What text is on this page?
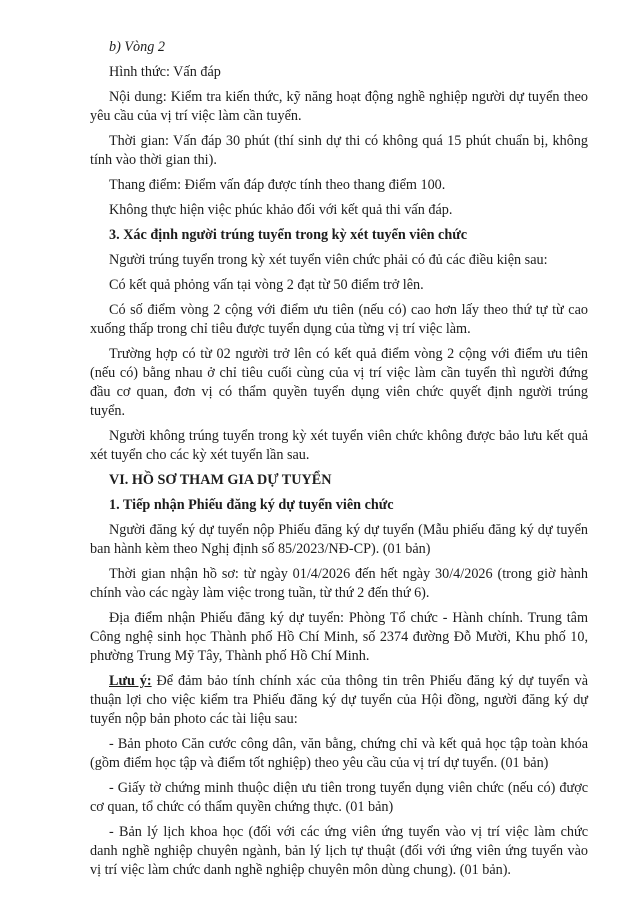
b) Vòng 2

Hình thức: Vấn đáp

Nội dung: Kiểm tra kiến thức, kỹ năng hoạt động nghề nghiệp người dự tuyển theo yêu cầu của vị trí việc làm cần tuyển.

Thời gian: Vấn đáp 30 phút (thí sinh dự thi có không quá 15 phút chuẩn bị, không tính vào thời gian thi).

Thang điểm: Điểm vấn đáp được tính theo thang điểm 100.

Không thực hiện việc phúc khảo đối với kết quả thi vấn đáp.

3. Xác định người trúng tuyển trong kỳ xét tuyển viên chức

Người trúng tuyển trong kỳ xét tuyển viên chức phải có đủ các điều kiện sau:

Có kết quả phỏng vấn tại vòng 2 đạt từ 50 điểm trở lên.

Có số điểm vòng 2 cộng với điểm ưu tiên (nếu có) cao hơn lấy theo thứ tự từ cao xuống thấp trong chỉ tiêu được tuyển dụng của từng vị trí việc làm.

Trường hợp có từ 02 người trở lên có kết quả điểm vòng 2 cộng với điểm ưu tiên (nếu có) bằng nhau ở chỉ tiêu cuối cùng của vị trí việc làm cần tuyển thì người đứng đầu cơ quan, đơn vị có thẩm quyền tuyển dụng viên chức quyết định người trúng tuyển.

Người không trúng tuyển trong kỳ xét tuyển viên chức không được bảo lưu kết quả xét tuyển cho các kỳ xét tuyển lần sau.

VI. HỒ SƠ THAM GIA DỰ TUYỂN

1. Tiếp nhận Phiếu đăng ký dự tuyển viên chức

Người đăng ký dự tuyển nộp Phiếu đăng ký dự tuyển (Mẫu phiếu đăng ký dự tuyển ban hành kèm theo Nghị định số 85/2023/NĐ-CP). (01 bản)

Thời gian nhận hồ sơ: từ ngày 01/4/2026 đến hết ngày 30/4/2026 (trong giờ hành chính vào các ngày làm việc trong tuần, từ thứ 2 đến thứ 6).

Địa điểm nhận Phiếu đăng ký dự tuyển: Phòng Tổ chức - Hành chính. Trung tâm Công nghệ sinh học Thành phố Hồ Chí Minh, số 2374 đường Đỗ Mười, Khu phố 10, phường Trung Mỹ Tây, Thành phố Hồ Chí Minh.

Lưu ý: Để đảm bảo tính chính xác của thông tin trên Phiếu đăng ký dự tuyển và thuận lợi cho việc kiểm tra Phiếu đăng ký dự tuyển của Hội đồng, người đăng ký dự tuyển nộp bản photo các tài liệu sau:

- Bản photo Căn cước công dân, văn bằng, chứng chỉ và kết quả học tập toàn khóa (gồm điểm học tập và điểm tốt nghiệp) theo yêu cầu của vị trí dự tuyển. (01 bản)

- Giấy tờ chứng minh thuộc diện ưu tiên trong tuyển dụng viên chức (nếu có) được cơ quan, tổ chức có thẩm quyền chứng thực. (01 bản)

- Bản lý lịch khoa học (đối với các ứng viên ứng tuyển vào vị trí việc làm chức danh nghề nghiệp chuyên ngành, bản lý lịch tự thuật (đối với ứng viên ứng tuyển vào vị trí việc làm chức danh nghề nghiệp chuyên môn dùng chung). (01 bản).
